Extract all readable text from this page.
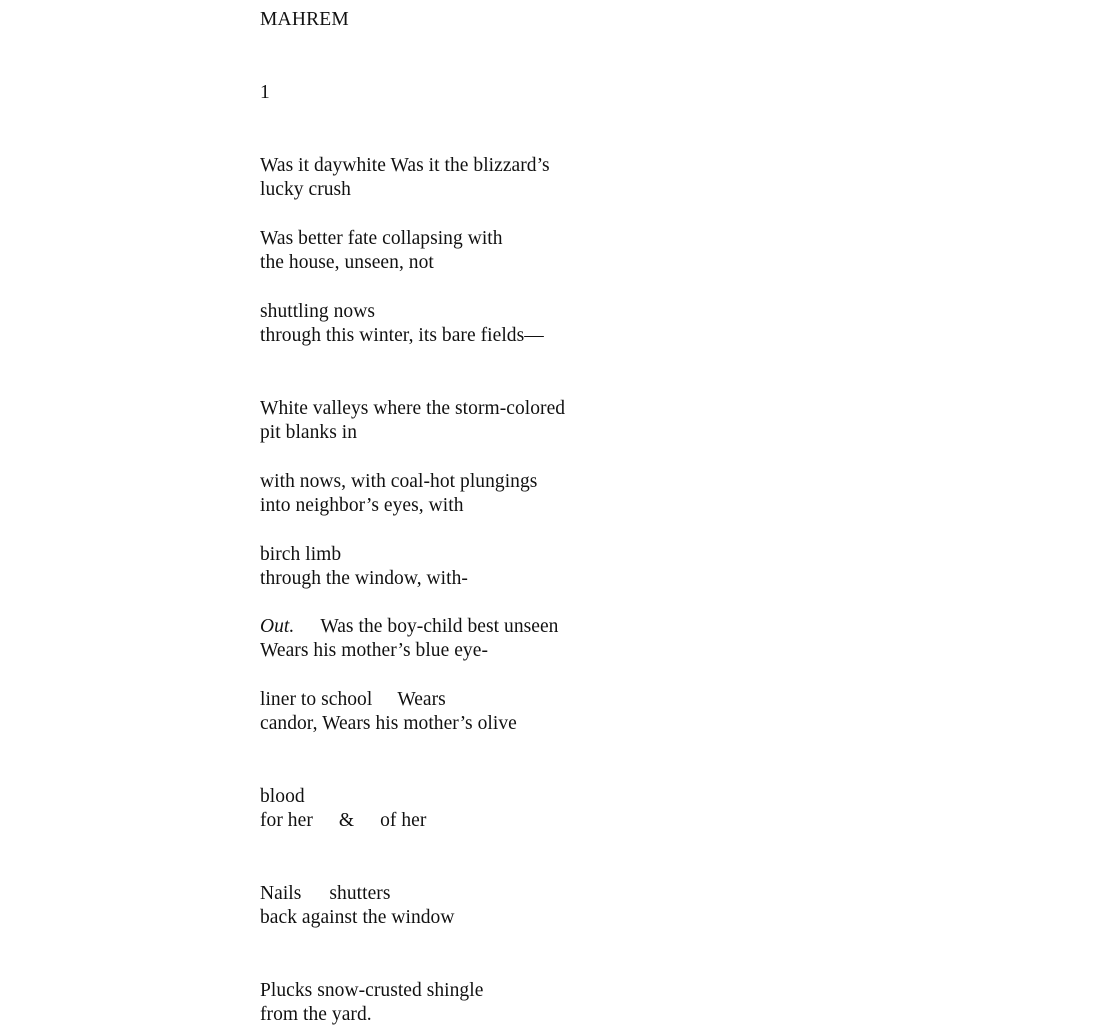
MAHREM
1
Was it daywhite Was it the blizzard’s
lucky crush
Was better fate collapsing with
the house, unseen, not
shuttling nows
through this winter, its bare fields—
White valleys where the storm-colored
pit blanks in
with nows, with coal-hot plungings
into neighbor’s eyes, with
birch limb
through the window, with-
Out. Was the boy-child best unseen
Wears his mother’s blue eye-
liner to school Wears
candor, Wears his mother’s olive
blood
for her & of her
Nails shutters
back against the window
Plucks snow-crusted shingle
from the yard.
